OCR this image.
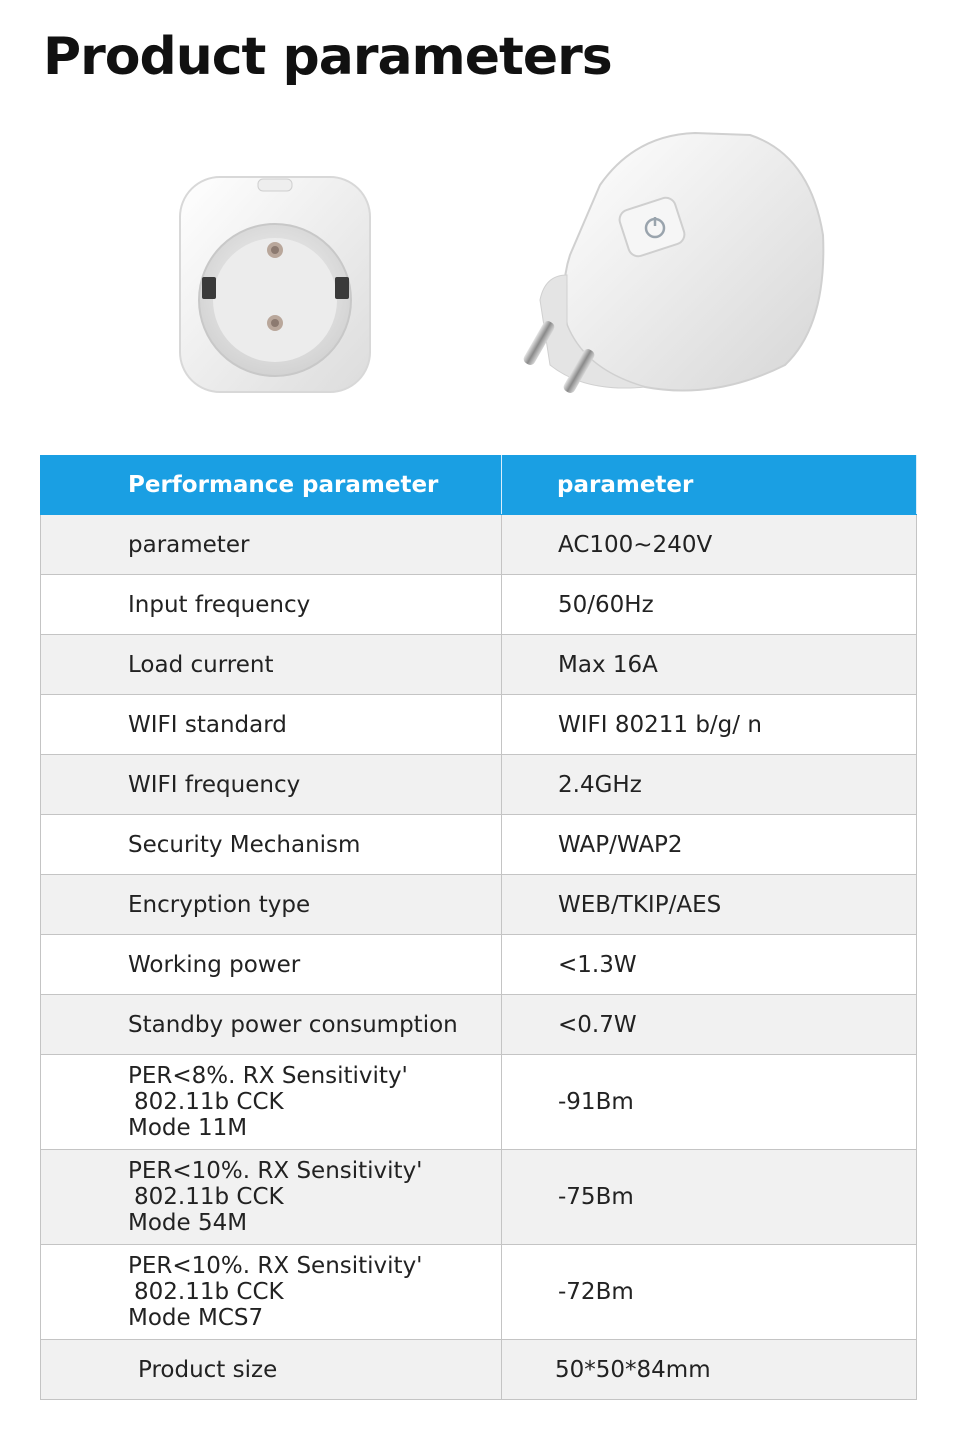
Product parameters
Performance parameter	parameter
parameter	AC100~240V
Input frequency	50/60Hz
Load current	Max 16A
WIFI standard	WIFI 80211 b/g/ n
WIFI frequency	2.4GHz
Security Mechanism	WAP/WAP2
Encryption type	WEB/TKIP/AES
Working power	<1.3W
Standby power consumption	<0.7W

PER<8%. RX Sensitivity'
802.11b CCK
Mode 11M	-91Bm

PER<10%. RX Sensitivity'
802.11b CCK
Mode 54M	-75Bm

PER<10%. RX Sensitivity'
802.11b CCK
Mode MCS7	-72Bm
Product size	50*50*84mm
